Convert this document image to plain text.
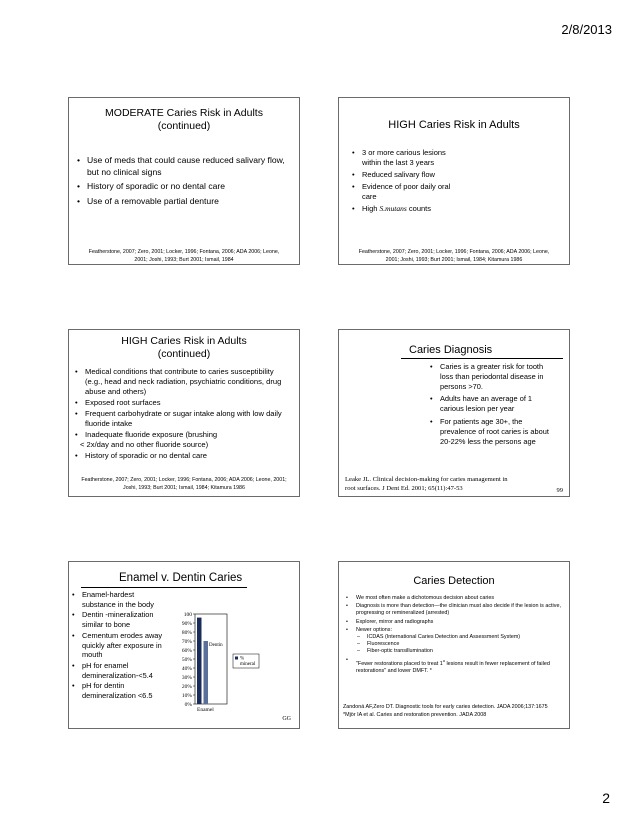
2/8/2013
MODERATE Caries Risk in Adults
(continued)
• Use of meds that could cause reduced salivary flow, but no clinical signs
• History of sporadic or no dental care
• Use of a removable partial denture
Featherstone, 2007; Zero, 2001; Locker, 1996; Fontana, 2006; ADA 2006; Leone,
2001; Joshi, 1993; Burt 2001; Ismail, 1984
HIGH Caries Risk in Adults
• 3 or more carious lesions within the last 3 years
• Reduced salivary flow
• Evidence of poor daily oral care
• High S.mutans counts
Featherstone, 2007; Zero, 2001; Locker, 1996; Fontana, 2006; ADA 2006; Leone,
2001; Joshi, 1993; Burt 2001; Ismail, 1984; Kitamura 1986
HIGH Caries Risk in Adults
(continued)
• Medical conditions that contribute to caries susceptibility (e.g., head and neck radiation, psychiatric conditions, drug abuse and others)
• Exposed root surfaces
• Frequent carbohydrate or sugar intake along with low daily fluoride intake
• Inadequate fluoride exposure (brushing
< 2x/day and no other fluoride source)
• History of sporadic or no dental care
Featherstone, 2007; Zero, 2001; Locker, 1996; Fontana, 2006; ADA 2006; Leone, 2001;
Joshi, 1993; Burt 2001; Ismail, 1984; Kitamura 1986
Caries Diagnosis
• Caries is a greater risk for tooth loss than periodontal disease in persons >70.
• Adults have an average of 1 carious lesion per year
• For patients age 30+, the prevalence of root caries is about 20-22% less the persons age
Leake JL. Clinical decision-making for caries management in
root surfaces. J Dent Ed. 2001; 65(11):47-53	99
Enamel v. Dentin Caries
• Enamel-hardest substance in the body
• Dentin -mineralization similar to bone
• Cementum erodes away quickly after exposure in mouth
• pH for enamel demineralization-<5.4
• pH for dentin demineralization <6.5
0%
10%
20%
30%
40%
50%
60%
70%
80%
90%
100
Dentin
Enamel
%
mineral
GG
Caries Detection
• We most often make a dichotomous decision about caries
• Diagnosis is more than detection—the clinician must also decide if the lesion is active, progressing or remineralized (arrested)
• Explorer, mirror and radiographs
• Newer options:
– ICDAS (International Caries Detection and Assessment System)
– Fluorescence
– Fiber-optic transillumination
• "Fewer restorations placed to treat 1$^o$ lesions result in fewer replacement of failed restorations" and lower DMFT. *
Zandoná AF,Zero DT. Diagnostic tools for early caries detection. JADA 2006;137:1675
*Mjör IA et al. Caries and restoration prevention. JADA 2008
2
